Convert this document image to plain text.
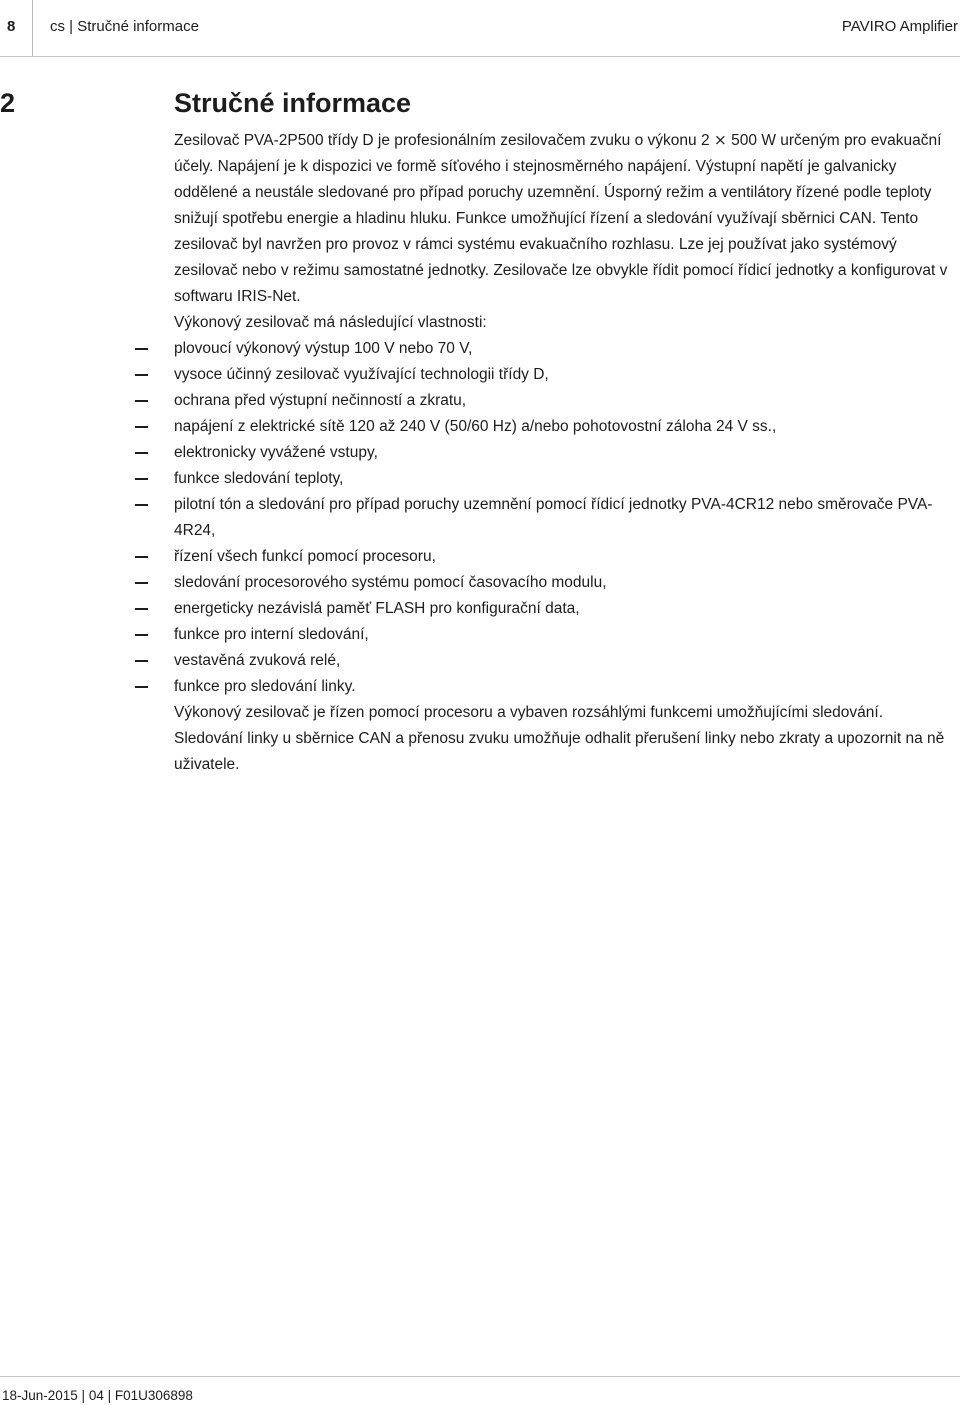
8 cs | Stručné informace	PAVIRO Amplifier
2	Stručné informace

Zesilovač PVA-2P500 třídy D je profesionálním zesilovačem zvuku o výkonu 2 ⨯ 500 W určeným pro evakuační účely. Napájení je k dispozici ve formě síťového i stejnosměrného napájení. Výstupní napětí je galvanicky oddělené a neustále sledované pro případ poruchy uzemnění. Úsporný režim a ventilátory řízené podle teploty snižují spotřebu energie a hladinu hluku. Funkce umožňující řízení a sledování využívají sběrnici CAN. Tento zesilovač byl navržen pro provoz v rámci systému evakuačního rozhlasu. Lze jej používat jako systémový zesilovač nebo v režimu samostatné jednotky. Zesilovače lze obvykle řídit pomocí řídicí jednotky a konfigurovat v softwaru IRIS-Net.

Výkonový zesilovač má následující vlastnosti:

plovoucí výkonový výstup 100 V nebo 70 V,
vysoce účinný zesilovač využívající technologii třídy D,
ochrana před výstupní nečinností a zkratu,
napájení z elektrické sítě 120 až 240 V (50/60 Hz) a/nebo pohotovostní záloha 24 V ss.,
elektronicky vyvážené vstupy,
funkce sledování teploty,
pilotní tón a sledování pro případ poruchy uzemnění pomocí řídicí jednotky PVA-4CR12 nebo směrovače PVA-4R24,
řízení všech funkcí pomocí procesoru,
sledování procesorového systému pomocí časovacího modulu,
energeticky nezávislá paměť FLASH pro konfigurační data,
funkce pro interní sledování,
vestavěná zvuková relé,
funkce pro sledování linky.

Výkonový zesilovač je řízen pomocí procesoru a vybaven rozsáhlými funkcemi umožňujícími sledování. Sledování linky u sběrnice CAN a přenosu zvuku umožňuje odhalit přerušení linky nebo zkraty a upozornit na ně uživatele.

18-Jun-2015 | 04 | F01U306898
